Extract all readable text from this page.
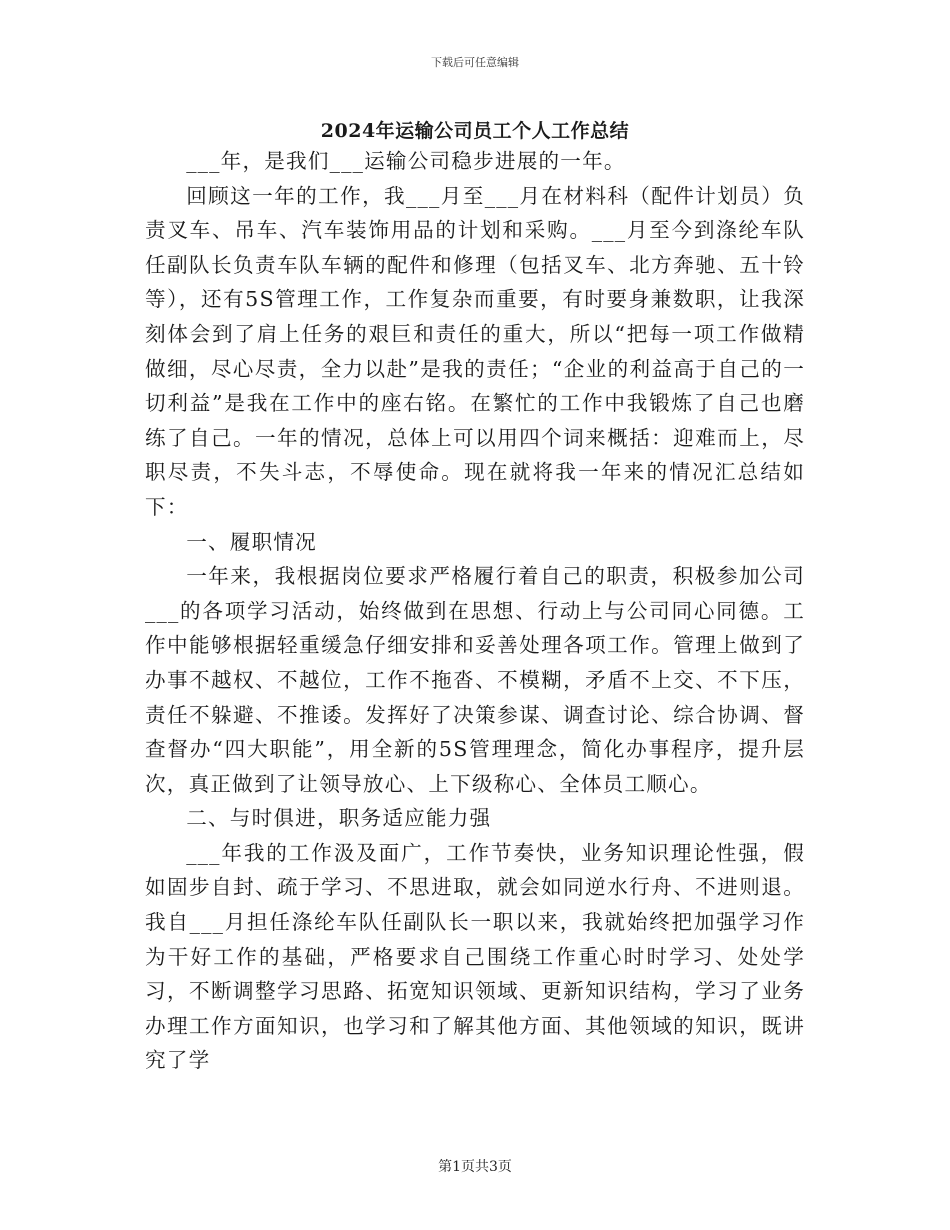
下载后可任意编辑
2024年运输公司员工个人工作总结

___年，是我们___运输公司稳步进展的一年。

回顾这一年的工作，我___月至___月在材料科（配件计划员）负责叉车、吊车、汽车装饰用品的计划和采购。___月至今到涤纶车队任副队长负责车队车辆的配件和修理（包括叉车、北方奔驰、五十铃等），还有5S管理工作，工作复杂而重要，有时要身兼数职，让我深刻体会到了肩上任务的艰巨和责任的重大，所以“把每一项工作做精做细，尽心尽责，全力以赴”是我的责任；“企业的利益高于自己的一切利益”是我在工作中的座右铭。在繁忙的工作中我锻炼了自己也磨练了自己。一年的情况，总体上可以用四个词来概括：迎难而上，尽职尽责，不失斗志，不辱使命。现在就将我一年来的情况汇总结如下：

一、履职情况

一年来，我根据岗位要求严格履行着自己的职责，积极参加公司___的各项学习活动，始终做到在思想、行动上与公司同心同德。工作中能够根据轻重缓急仔细安排和妥善处理各项工作。管理上做到了办事不越权、不越位，工作不拖沓、不模糊，矛盾不上交、不下压，责任不躲避、不推诿。发挥好了决策参谋、调查讨论、综合协调、督查督办“四大职能”，用全新的5S管理理念，简化办事程序，提升层次，真正做到了让领导放心、上下级称心、全体员工顺心。

二、与时俱进，职务适应能力强

___年我的工作汲及面广，工作节奏快，业务知识理论性强，假如固步自封、疏于学习、不思进取，就会如同逆水行舟、不进则退。我自___月担任涤纶车队任副队长一职以来，我就始终把加强学习作为干好工作的基础，严格要求自己围绕工作重心时时学习、处处学习，不断调整学习思路、拓宽知识领域、更新知识结构，学习了业务办理工作方面知识，也学习和了解其他方面、其他领域的知识，既讲究了学

第1页共3页
